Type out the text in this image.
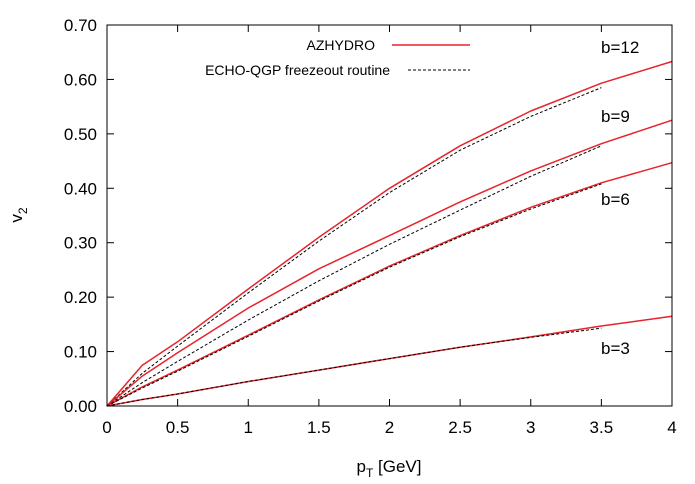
0	0.5	1	1.5	2	2.5	3	3.5	4
0.00
0.10
0.20
0.30
0.40
0.50
0.60
0.70
AZHYDRO
ECHO-QGP freezeout routine
b=12
b=9
b=6
b=3
$p_T$ [GeV]
$v_2$
